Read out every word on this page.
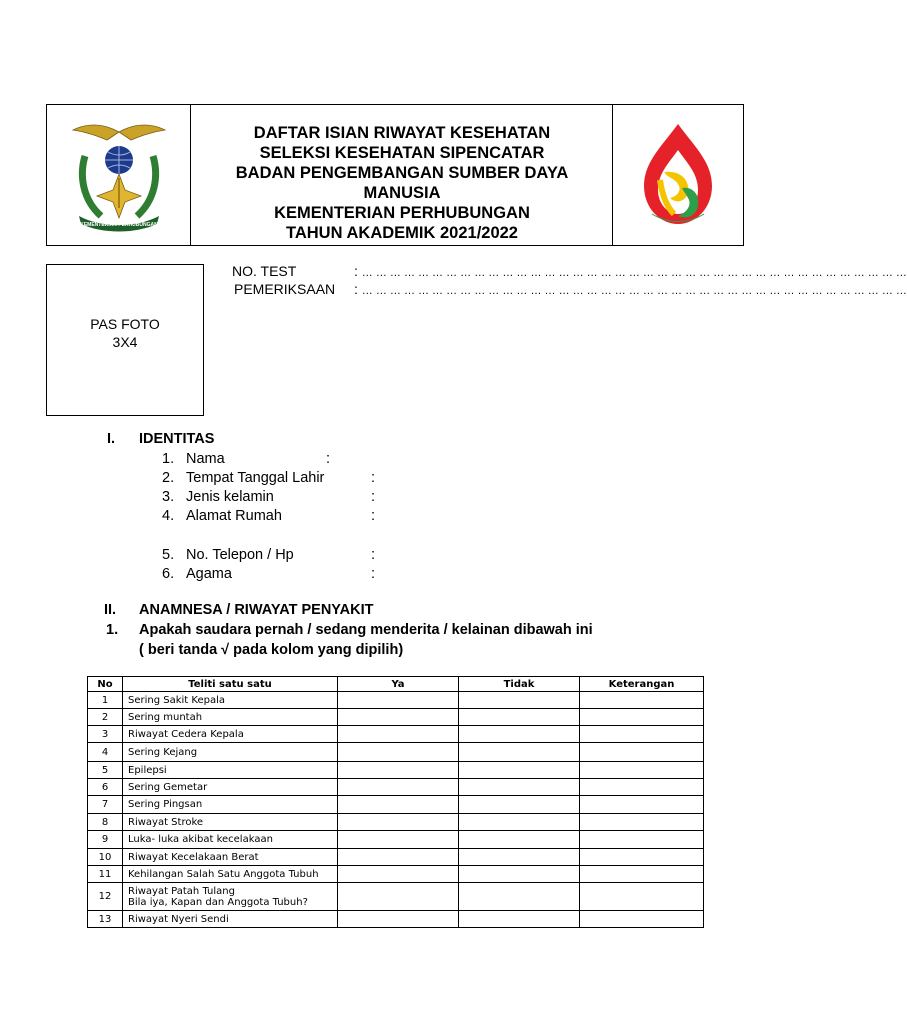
KEMENTERIAN PERHUBUNGAN
DAFTAR ISIAN RIWAYAT KESEHATAN
SELEKSI KESEHATAN SIPENCATAR
BADAN PENGEMBANGAN SUMBER DAYA
MANUSIA
KEMENTERIAN PERHUBUNGAN
TAHUN AKADEMIK 2021/2022
PAS FOTO
3X4
NO. TEST	: … … … … … … … … … … … … … … … … … … … … … … … … … … … … … … … … … … … … … … …
PEMERIKSAAN : … … … … … … … … … … … … … … … … … … … … … … … … … … … … … … … … … … … … … … …
I. IDENTITAS
1. Nama	:
2. Tempat Tanggal Lahir	:
3. Jenis kelamin	:
4. Alamat Rumah	:
5. No. Telepon / Hp	:
6. Agama	:
II. ANAMNESA / RIWAYAT PENYAKIT
1. Apakah saudara pernah / sedang menderita / kelainan dibawah ini
( beri tanda √ pada kolom yang dipilih)
No	Teliti satu satu	Ya	Tidak	Keterangan
1	Sering Sakit Kepala			
2	Sering muntah			
3	Riwayat Cedera Kepala			
4	Sering Kejang			
5	Epilepsi			
6	Sering Gemetar			
7	Sering Pingsan			
8	Riwayat Stroke			
9	Luka- luka akibat kecelakaan			
10	Riwayat Kecelakaan Berat			
11	Kehilangan Salah Satu Anggota Tubuh			
12	Riwayat Patah Tulang
Bila iya, Kapan dan Anggota Tubuh?			

13	Riwayat Nyeri Sendi			
